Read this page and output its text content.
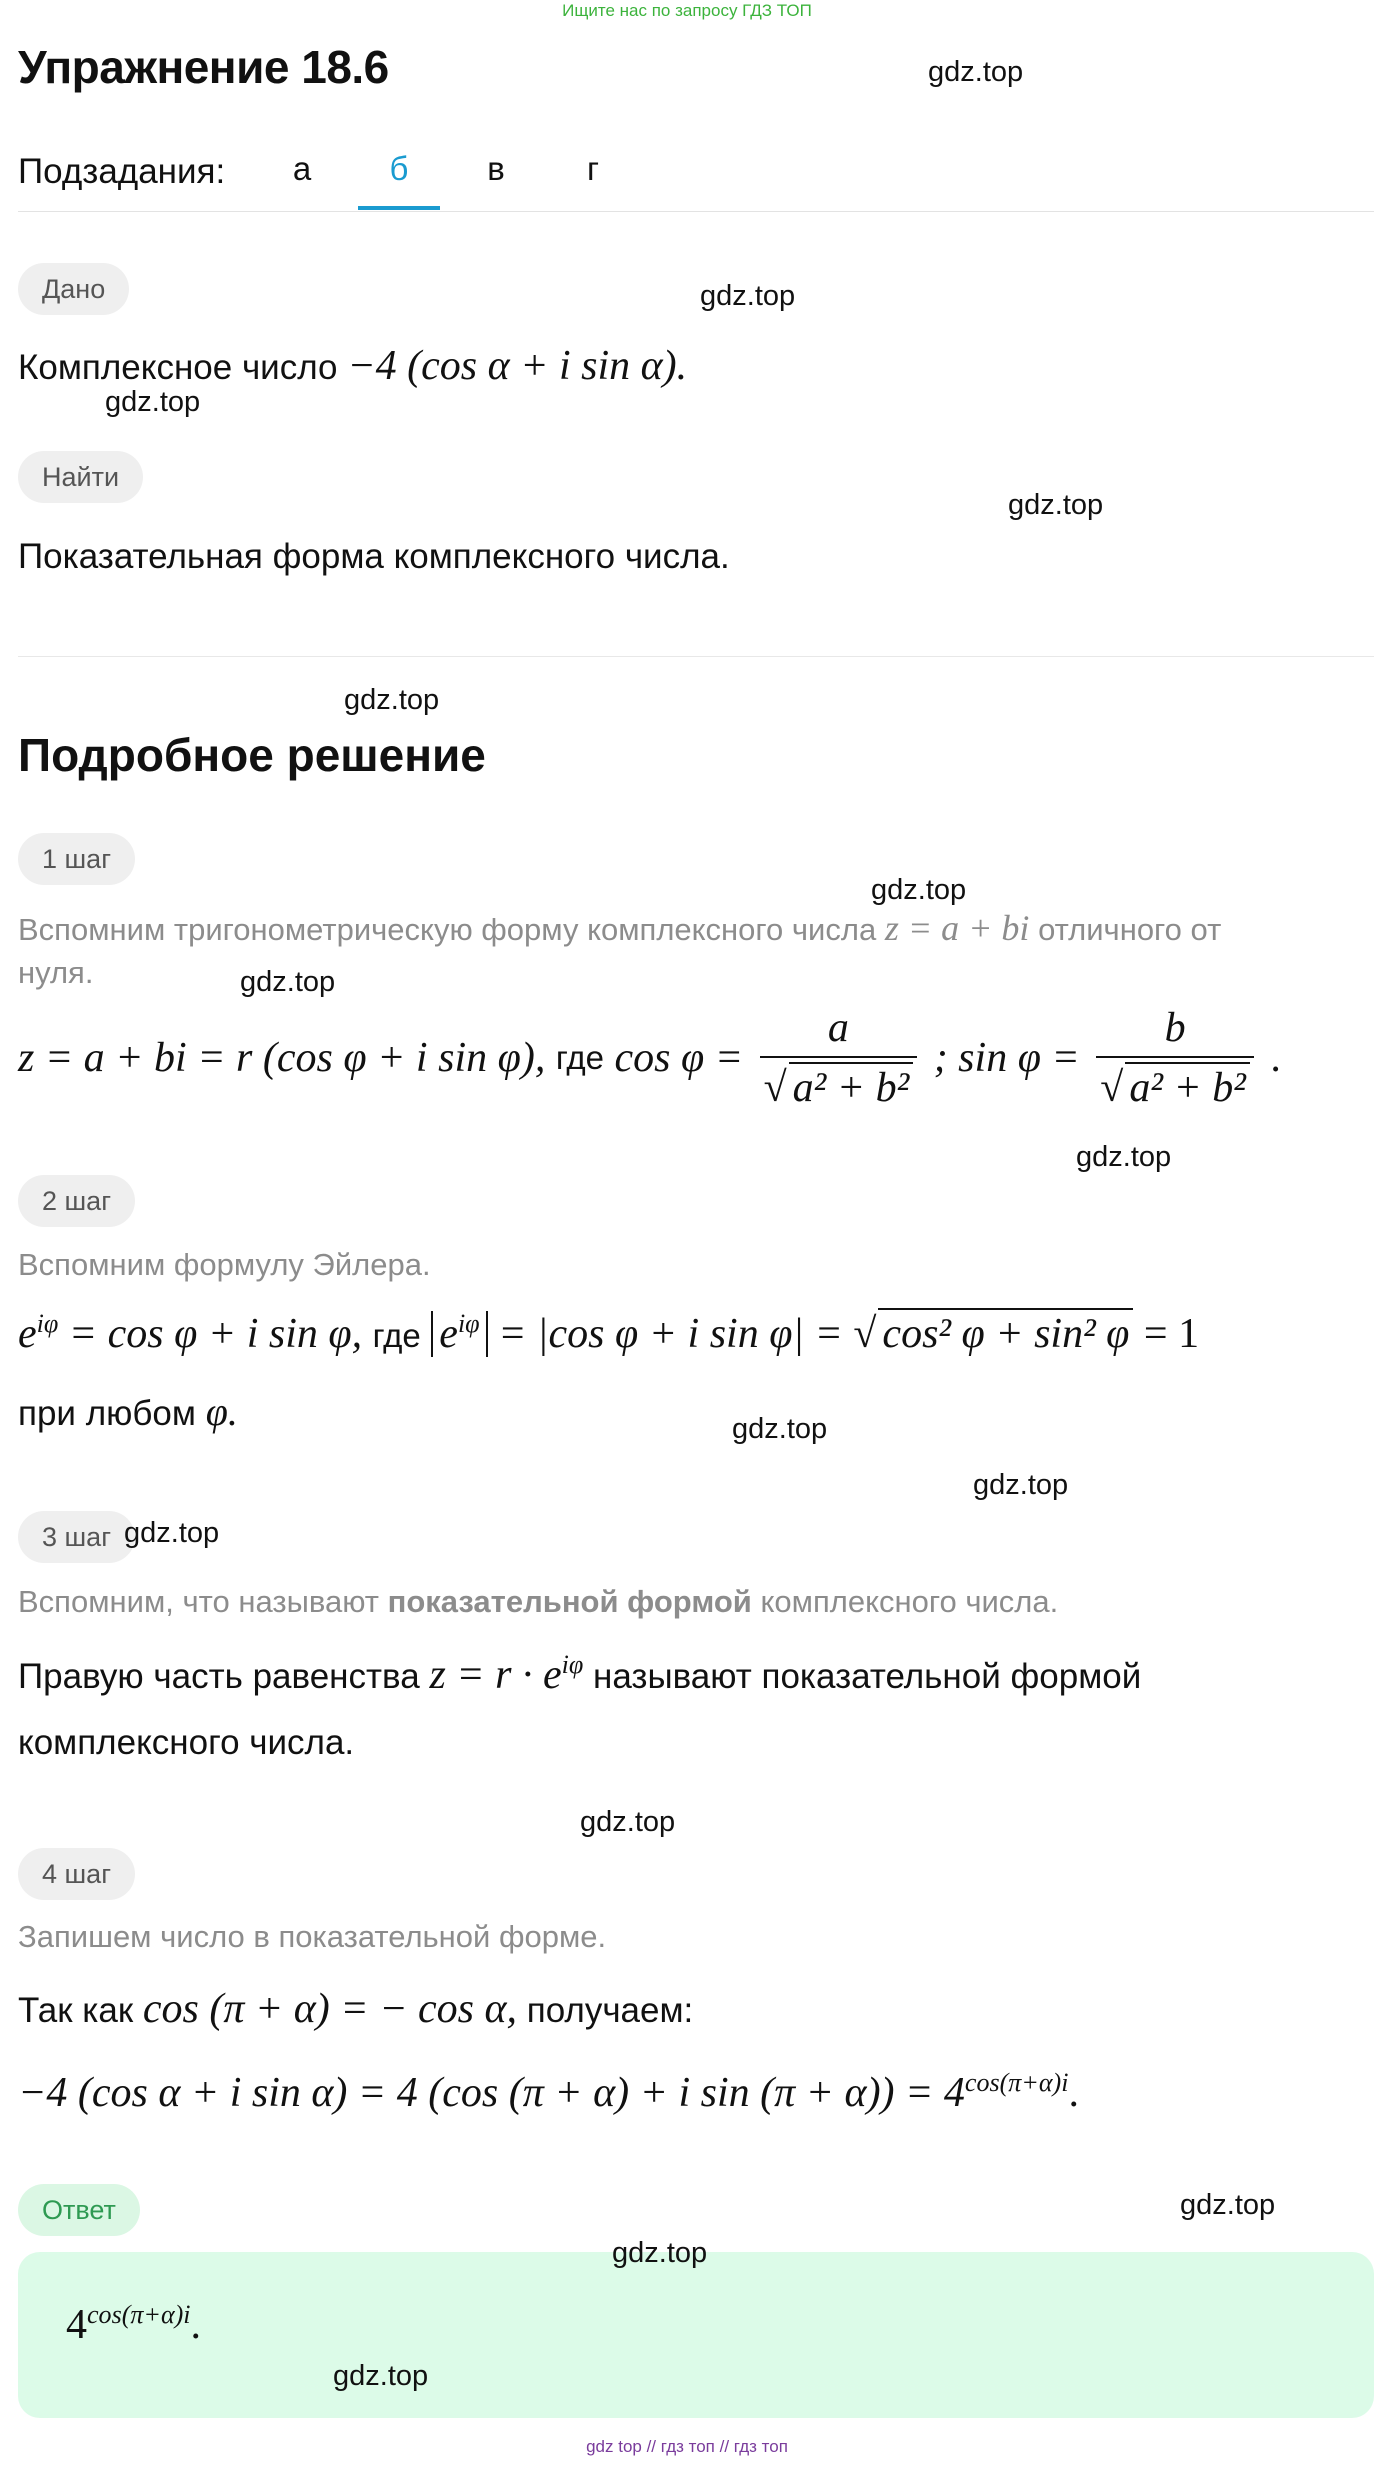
Ищите нас по запросу ГДЗ ТОП
Упражнение 18.6
Подзадания:	а	б	в	г
Дано
Комплексное число −4 (cos α + i sin α).
Найти
Показательная форма комплексного числа.
Подробное решение
1 шаг
Вспомним тригонометрическую форму комплексного числа z = a + bi отличного от
нуля.
z = a + bi = r (cos φ + i sin φ), где $\cos \varphi = \frac{a}{\text{√ a² + b²}}$ ; $\sin \varphi = \frac{b}{\text{√ a² + b²}}$ .
2 шаг
Вспомним формулу Эйлера.
$e^{i\varphi} = \cos \varphi + i$ sin φ, где $e^{i\varphi} = |\cos$ φ + i sin φ| = √ cos² φ + sin² φ = 1
при любом φ.
3 шаг
Вспомним, что называют показательной формой комплексного числа.
Правую часть равенства $z = r \cdot e^{i\varphi}$ называют показательной формой
комплексного числа.
4 шаг
Запишем число в показательной форме.
Так как cos (π + α) = − cos α, получаем:
−4 (cos α + i sin α) = 4 (cos (π + α) + i $\sin (\pi + \alpha)) = 4^{cos(\pi+\alpha)i}$.
Ответ
$4^{cos(\pi+\alpha)i}$.
gdz.top
gdz.top
gdz.top
gdz.top
gdz.top
gdz.top
gdz.top
gdz.top
gdz.top
gdz.top
gdz.top
gdz.top
gdz.top
gdz.top
gdz.top
gdz top // гдз топ // гдз топ
